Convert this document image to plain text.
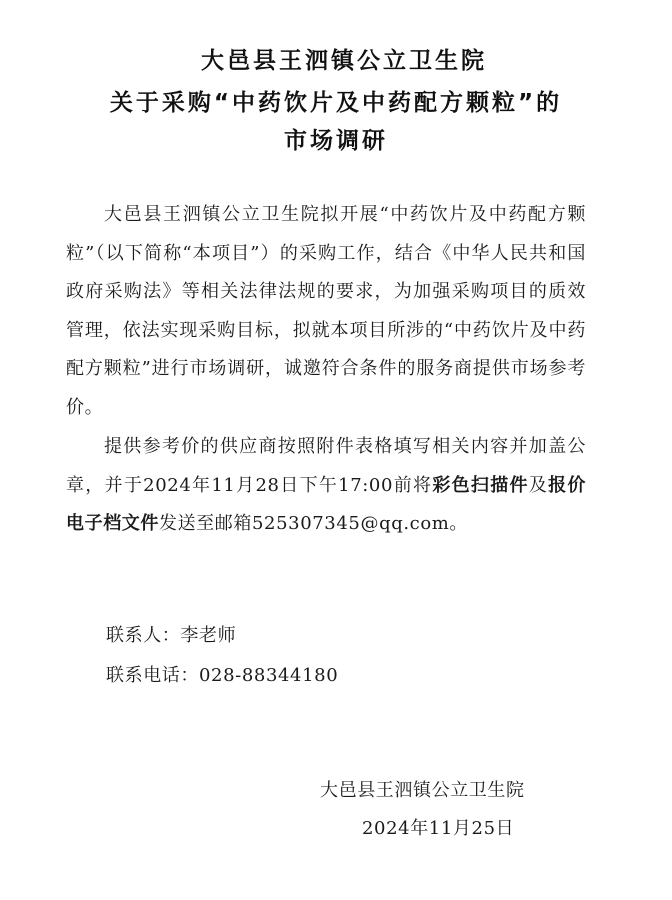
大邑县王泗镇公立卫生院
关于采购“中药饮片及中药配方颗粒”的
市场调研
大邑县王泗镇公立卫生院拟开展“中药饮片及中药配方颗粒”（以下简称“本项目”）的采购工作，结合《中华人民共和国政府采购法》等相关法律法规的要求，为加强采购项目的质效管理，依法实现采购目标，拟就本项目所涉的“中药饮片及中药配方颗粒”进行市场调研，诚邀符合条件的服务商提供市场参考价。
提供参考价的供应商按照附件表格填写相关内容并加盖公章，并于2024年11月28日下午17:00前将彩色扫描件及报价电子档文件发送至邮箱525307345@qq.com。
联系人：李老师
联系电话：028-88344180
大邑县王泗镇公立卫生院
2024年11月25日
